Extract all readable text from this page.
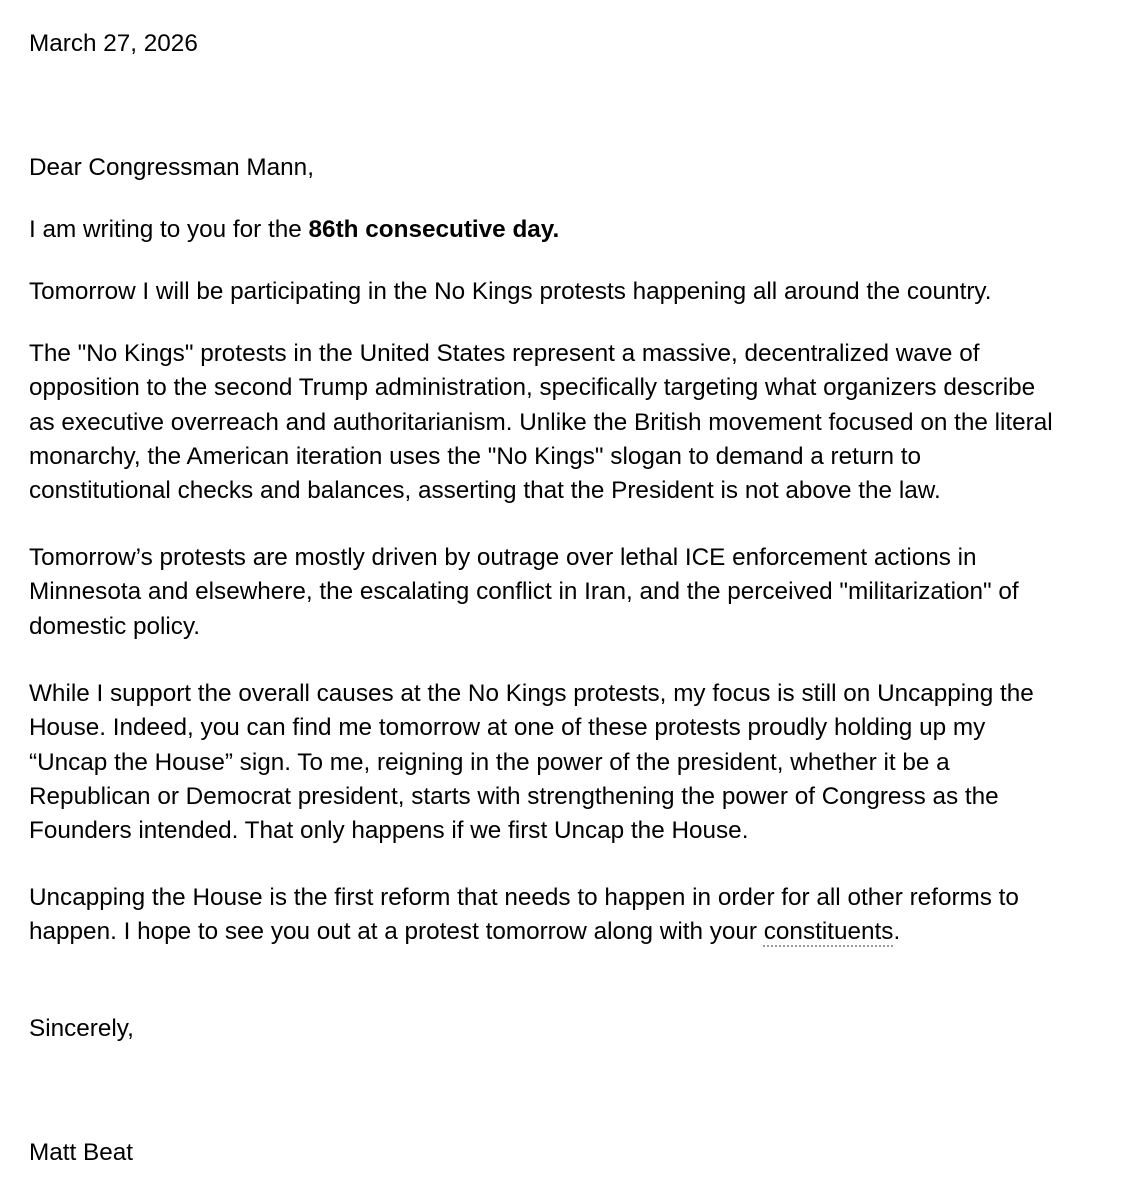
March 27, 2026

Dear Congressman Mann,

I am writing to you for the 86th consecutive day.

Tomorrow I will be participating in the No Kings protests happening all around the country.

The "No Kings" protests in the United States represent a massive, decentralized wave of
opposition to the second Trump administration, specifically targeting what organizers describe
as executive overreach and authoritarianism. Unlike the British movement focused on the literal
monarchy, the American iteration uses the "No Kings" slogan to demand a return to
constitutional checks and balances, asserting that the President is not above the law.
Tomorrow’s protests are mostly driven by outrage over lethal ICE enforcement actions in
Minnesota and elsewhere, the escalating conflict in Iran, and the perceived "militarization" of
domestic policy.
While I support the overall causes at the No Kings protests, my focus is still on Uncapping the
House. Indeed, you can find me tomorrow at one of these protests proudly holding up my
“Uncap the House” sign. To me, reigning in the power of the president, whether it be a
Republican or Democrat president, starts with strengthening the power of Congress as the
Founders intended. That only happens if we first Uncap the House.
Uncapping the House is the first reform that needs to happen in order for all other reforms to
happen. I hope to see you out at a protest tomorrow along with your constituents.

Sincerely,

Matt Beat
